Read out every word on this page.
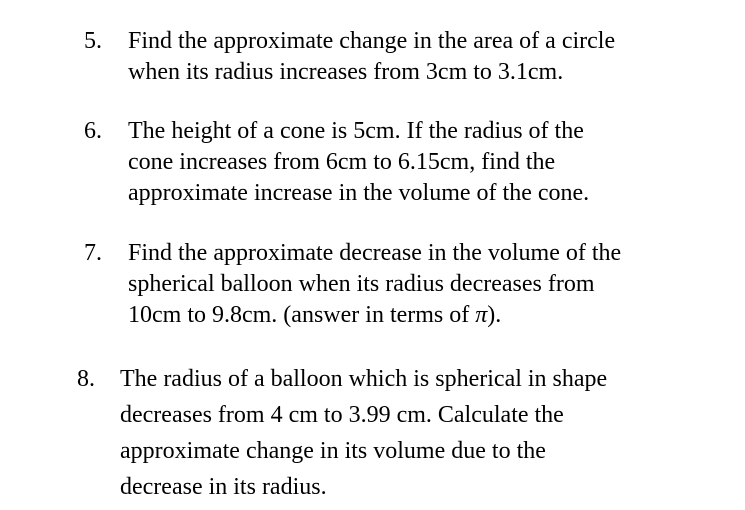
5. Find the approximate change in the area of a circle
when its radius increases from 3cm to 3.1cm.
6. The height of a cone is 5cm. If the radius of the
cone increases from 6cm to 6.15cm, find the
approximate increase in the volume of the cone.
7. Find the approximate decrease in the volume of the
spherical balloon when its radius decreases from
10cm to 9.8cm. (answer in terms of π).
8. The radius of a balloon which is spherical in shape
decreases from 4 cm to 3.99 cm. Calculate the
approximate change in its volume due to the
decrease in its radius.
